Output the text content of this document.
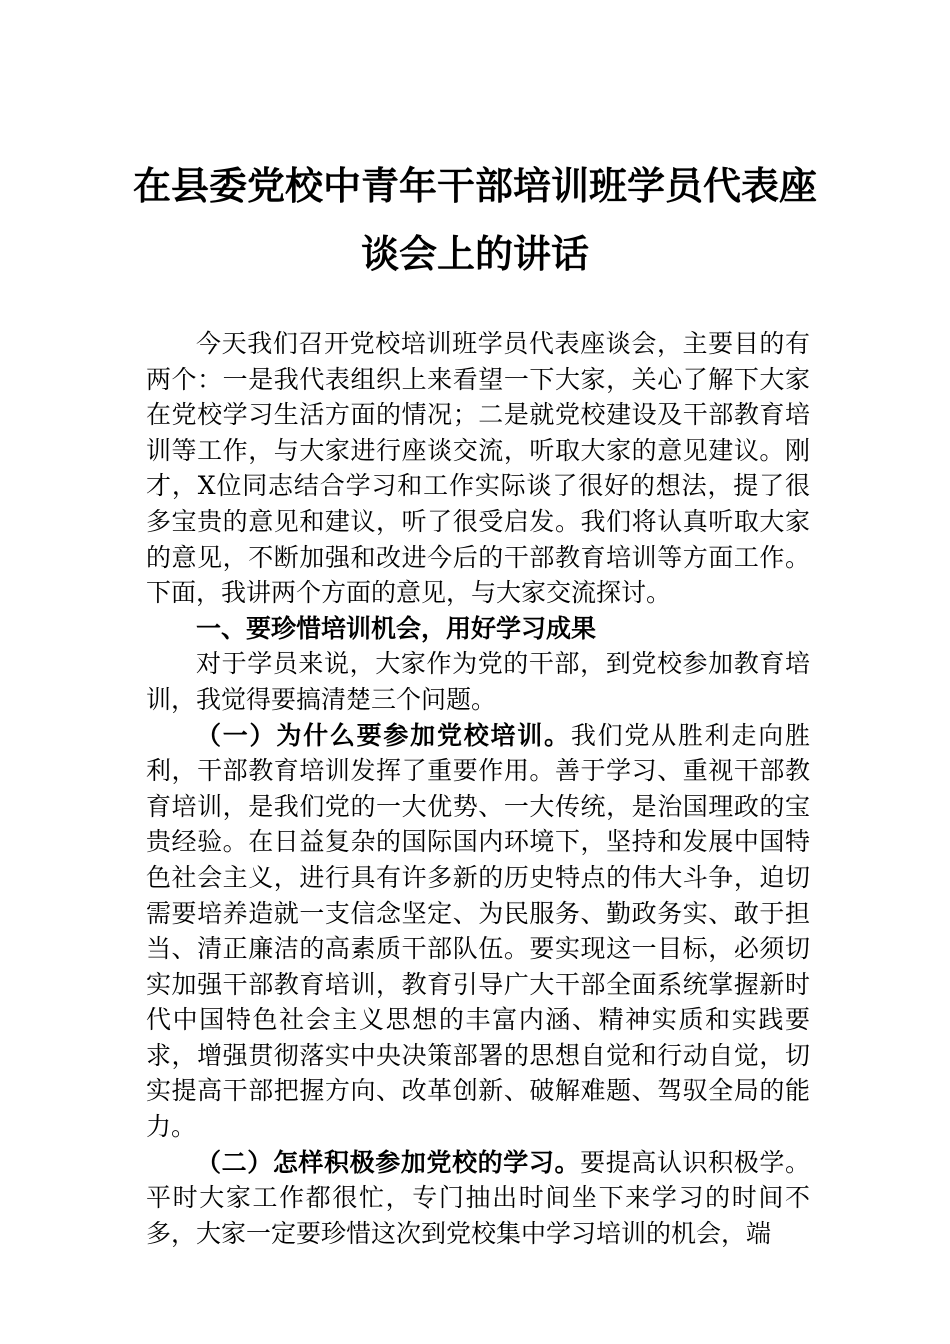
在县委党校中青年干部培训班学员代表座
谈会上的讲话

今天我们召开党校培训班学员代表座谈会，主要目的有两个：一是我代表组织上来看望一下大家，关心了解下大家在党校学习生活方面的情况；二是就党校建设及干部教育培训等工作，与大家进行座谈交流，听取大家的意见建议。刚才，X位同志结合学习和工作实际谈了很好的想法，提了很多宝贵的意见和建议，听了很受启发。我们将认真听取大家的意见，不断加强和改进今后的干部教育培训等方面工作。下面，我讲两个方面的意见，与大家交流探讨。

一、要珍惜培训机会，用好学习成果

对于学员来说，大家作为党的干部，到党校参加教育培训，我觉得要搞清楚三个问题。

（一）为什么要参加党校培训。我们党从胜利走向胜利，干部教育培训发挥了重要作用。善于学习、重视干部教育培训，是我们党的一大优势、一大传统，是治国理政的宝贵经验。在日益复杂的国际国内环境下，坚持和发展中国特色社会主义，进行具有许多新的历史特点的伟大斗争，迫切需要培养造就一支信念坚定、为民服务、勤政务实、敢于担当、清正廉洁的高素质干部队伍。要实现这一目标，必须切实加强干部教育培训，教育引导广大干部全面系统掌握新时代中国特色社会主义思想的丰富内涵、精神实质和实践要求，增强贯彻落实中央决策部署的思想自觉和行动自觉，切实提高干部把握方向、改革创新、破解难题、驾驭全局的能力。

（二）怎样积极参加党校的学习。要提高认识积极学。平时大家工作都很忙，专门抽出时间坐下来学习的时间不多，大家一定要珍惜这次到党校集中学习培训的机会，端
